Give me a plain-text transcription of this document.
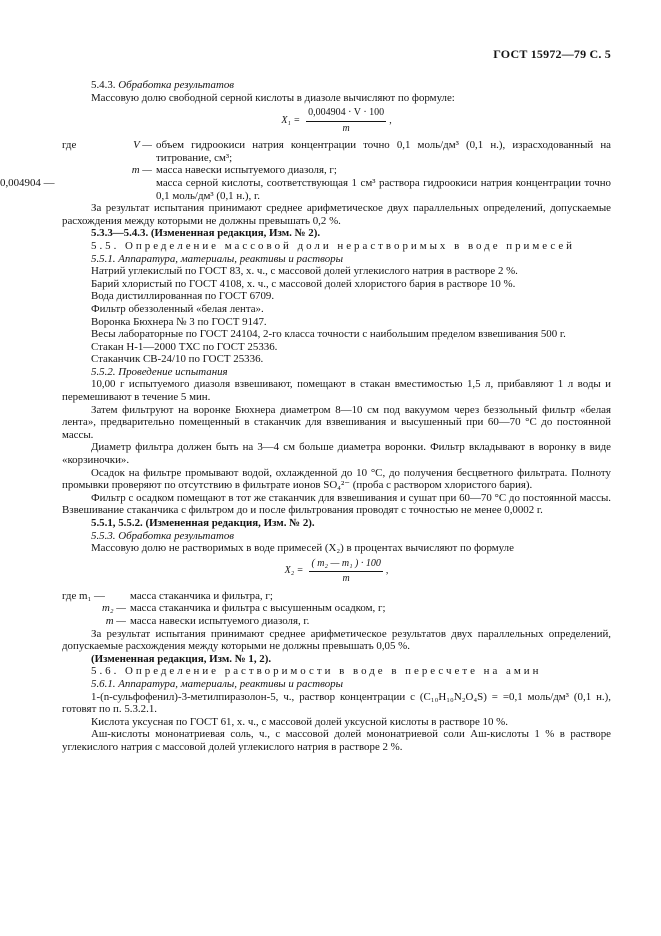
ГОСТ 15972—79 С. 5

5.4.3. Обработка результатов

Массовую долю свободной серной кислоты в диазоле вычисляют по формуле:

$X_1 = \frac{0,004904 \cdot V \cdot 100}{m}$ ,
где	V — объем гидроокиси натрия концентрации точно 0,1 моль/дм³ (0,1 н.), израсходованный на титрование, см³;
m — масса навески испытуемого диазоля, г;
0,004904 —	масса серной кислоты, соответствующая 1 см³ раствора гидроокиси натрия концентрации точно 0,1 моль/дм³ (0,1 н.), г.

За результат испытания принимают среднее арифметическое двух параллельных определений, допускаемые расхождения между которыми не должны превышать 0,2 %.

5.3.3—5.4.3. (Измененная редакция, Изм. № 2).

5.5. Определение массовой доли нерастворимых в воде примесей

5.5.1. Аппаратура, материалы, реактивы и растворы

Натрий углекислый по ГОСТ 83, х. ч., с массовой долей углекислого натрия в растворе 2 %.

Барий хлористый по ГОСТ 4108, х. ч., с массовой долей хлористого бария в растворе 10 %.

Вода дистиллированная по ГОСТ 6709.

Фильтр обеззоленный «белая лента».

Воронка Бюхнера № 3 по ГОСТ 9147.

Весы лабораторные по ГОСТ 24104, 2-го класса точности с наибольшим пределом взвешивания 500 г.

Стакан Н-1—2000 ТХС по ГОСТ 25336.

Стаканчик СВ-24/10 по ГОСТ 25336.

5.5.2. Проведение испытания

10,00 г испытуемого диазоля взвешивают, помещают в стакан вместимостью 1,5 л, прибавляют 1 л воды и перемешивают в течение 5 мин.

Затем фильтруют на воронке Бюхнера диаметром 8—10 см под вакуумом через беззольный фильтр «белая лента», предварительно помещенный в стаканчик для взвешивания и высушенный при 60—70 °С до постоянной массы.

Диаметр фильтра должен быть на 3—4 см больше диаметра воронки. Фильтр вкладывают в воронку в виде «корзиночки».

Осадок на фильтре промывают водой, охлажденной до 10 °С, до получения бесцветного фильтрата. Полноту промывки проверяют по отсутствию в фильтрате ионов SO₄²⁻ (проба с раствором хлористого бария).

Фильтр с осадком помещают в тот же стаканчик для взвешивания и сушат при 60—70 °С до постоянной массы. Взвешивание стаканчика с фильтром до и после фильтрования проводят с точностью не менее 0,0002 г.

5.5.1, 5.5.2. (Измененная редакция, Изм. № 2).

5.5.3. Обработка результатов

Массовую долю не растворимых в воде примесей (X₂) в процентах вычисляют по формуле

$X_2 = \frac{\text{( m₂ — m₁ ) · 100}}{m}$ ,
где m₁ —	масса стаканчика и фильтра, г;
m₂ — масса стаканчика и фильтра с высушенным осадком, г;
m — масса навески испытуемого диазоля, г.

За результат испытания принимают среднее арифметическое результатов двух параллельных определений, допускаемые расхождения между которыми не должны превышать 0,05 %.

(Измененная редакция, Изм. № 1, 2).

5.6. Определение растворимости в воде в пересчете на амин

5.6.1. Аппаратура, материалы, реактивы и растворы

1-(n-сульфофенил)-3-метилпиразолон-5, ч., раствор концентрации c (C₁₀H₁₀N₂O₄S) = =0,1 моль/дм³ (0,1 н.), готовят по п. 5.3.2.1.

Кислота уксусная по ГОСТ 61, х. ч., с массовой долей уксусной кислоты в растворе 10 %.

Аш-кислоты мононатриевая соль, ч., с массовой долей мононатриевой соли Аш-кислоты 1 % в растворе углекислого натрия с массовой долей углекислого натрия в растворе 2 %.
